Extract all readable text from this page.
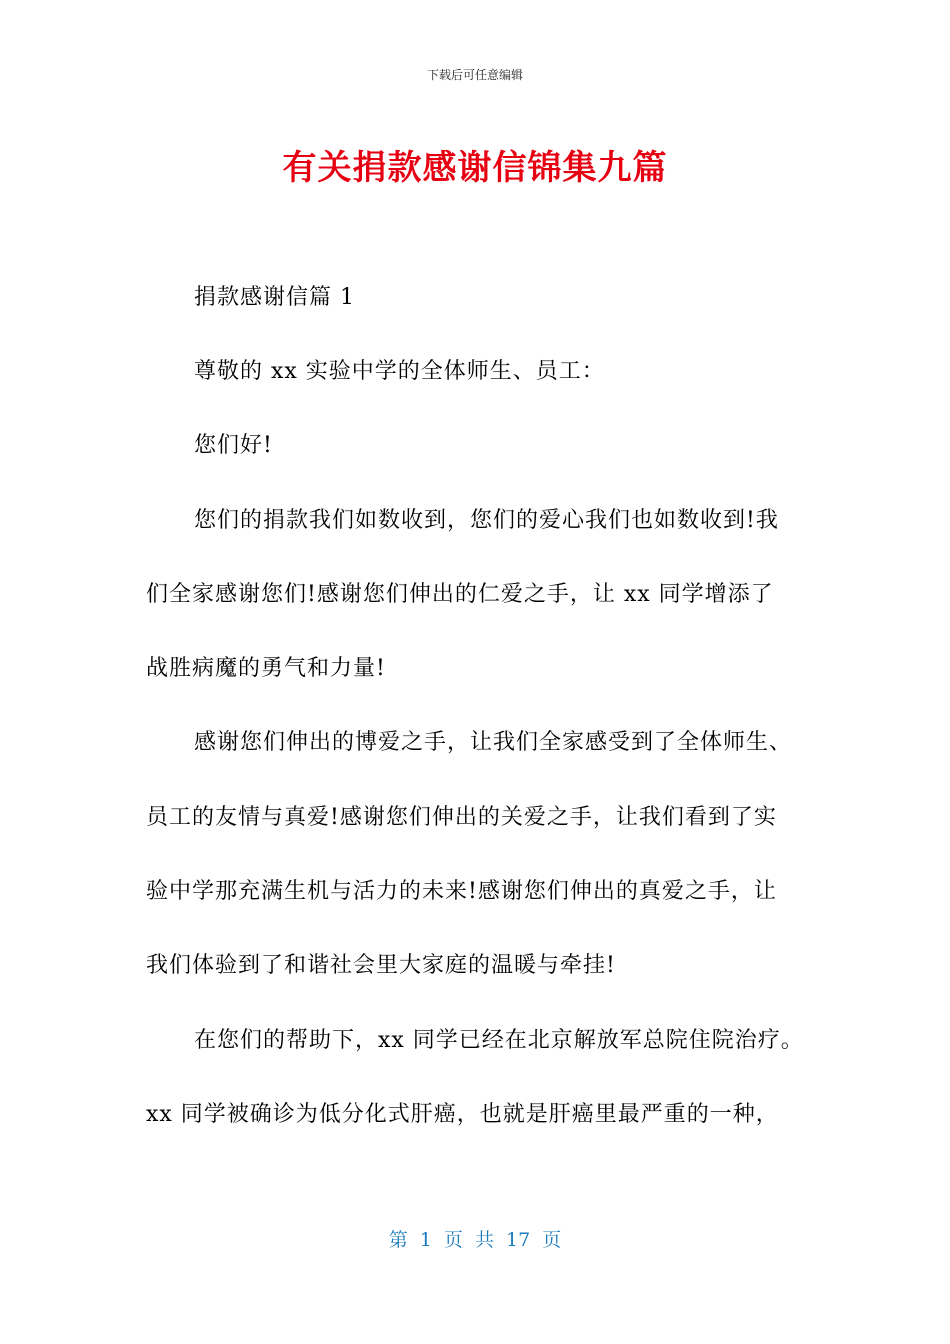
下载后可任意编辑
有关捐款感谢信锦集九篇
捐款感谢信篇 1
尊敬的 xx 实验中学的全体师生、员工：
您们好!
您们的捐款我们如数收到，您们的爱心我们也如数收到!我
们全家感谢您们!感谢您们伸出的仁爱之手，让 xx 同学增添了
战胜病魔的勇气和力量!
感谢您们伸出的博爱之手，让我们全家感受到了全体师生、
员工的友情与真爱!感谢您们伸出的关爱之手，让我们看到了实
验中学那充满生机与活力的未来!感谢您们伸出的真爱之手，让
我们体验到了和谐社会里大家庭的温暖与牵挂!
在您们的帮助下，xx 同学已经在北京解放军总院住院治疗。
xx 同学被确诊为低分化式肝癌，也就是肝癌里最严重的一种，
第 1 页 共 17 页
